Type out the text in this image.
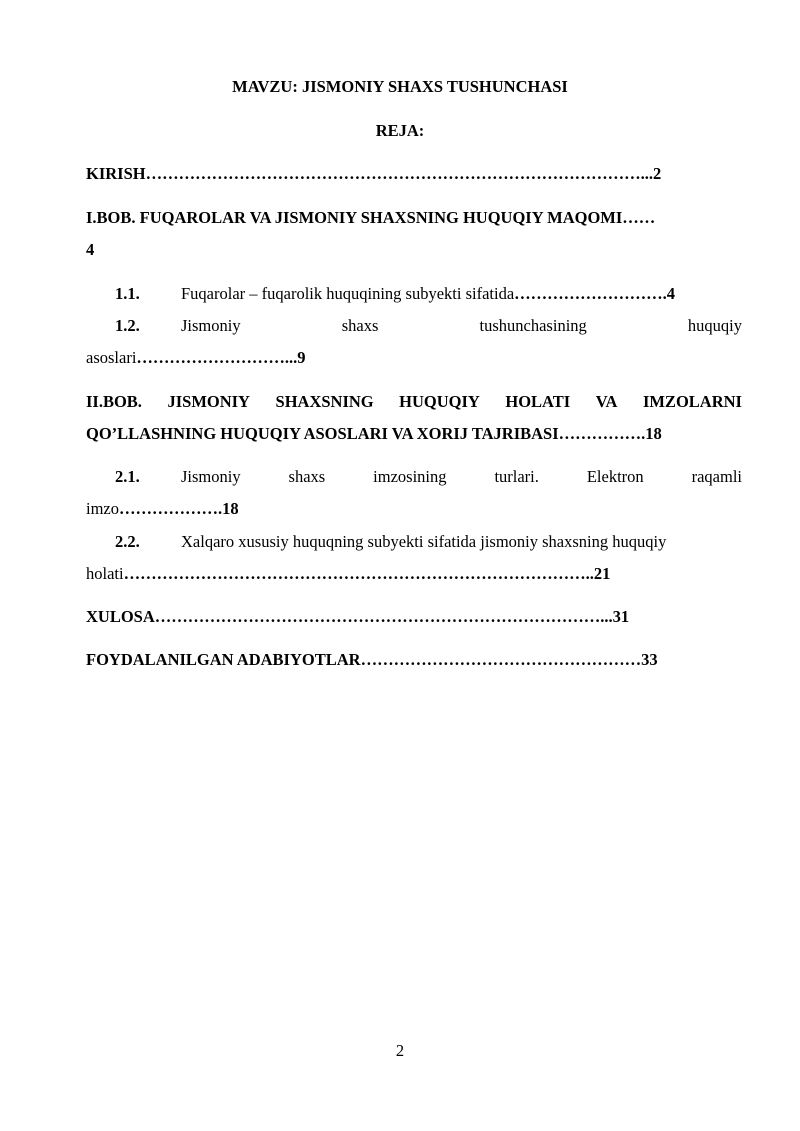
MAVZU: JISMONIY SHAXS TUSHUNCHASI
REJA:
KIRISH………………………………………………………………………………...2
I.BOB. FUQAROLAR VA JISMONIY SHAXSNING HUQUQIY MAQOMI……
4
1.1.	Fuqarolar – fuqarolik huquqining subyekti sifatida……………………….4
1.2.	Jismoniy	shaxs	tushunchasining	huquqiy
asoslari………………………...9
II.BOB. JISMONIY SHAXSNING HUQUQIY HOLATI VA IMZOLARNI
QO’LLASHNING HUQUQIY ASOSLARI VA XORIJ TAJRIBASI…………….18
2.1.	Jismoniy	shaxs	imzosining	turlari.	Elektron	raqamli
imzo……………….18
2.2.	Xalqaro xususiy huquqning subyekti sifatida jismoniy shaxsning huquqiy
holati…………………………………………………………………………..21
XULOSA………………………………………………………………………...31
FOYDALANILGAN ADABIYOTLAR……………………………………………33
2
